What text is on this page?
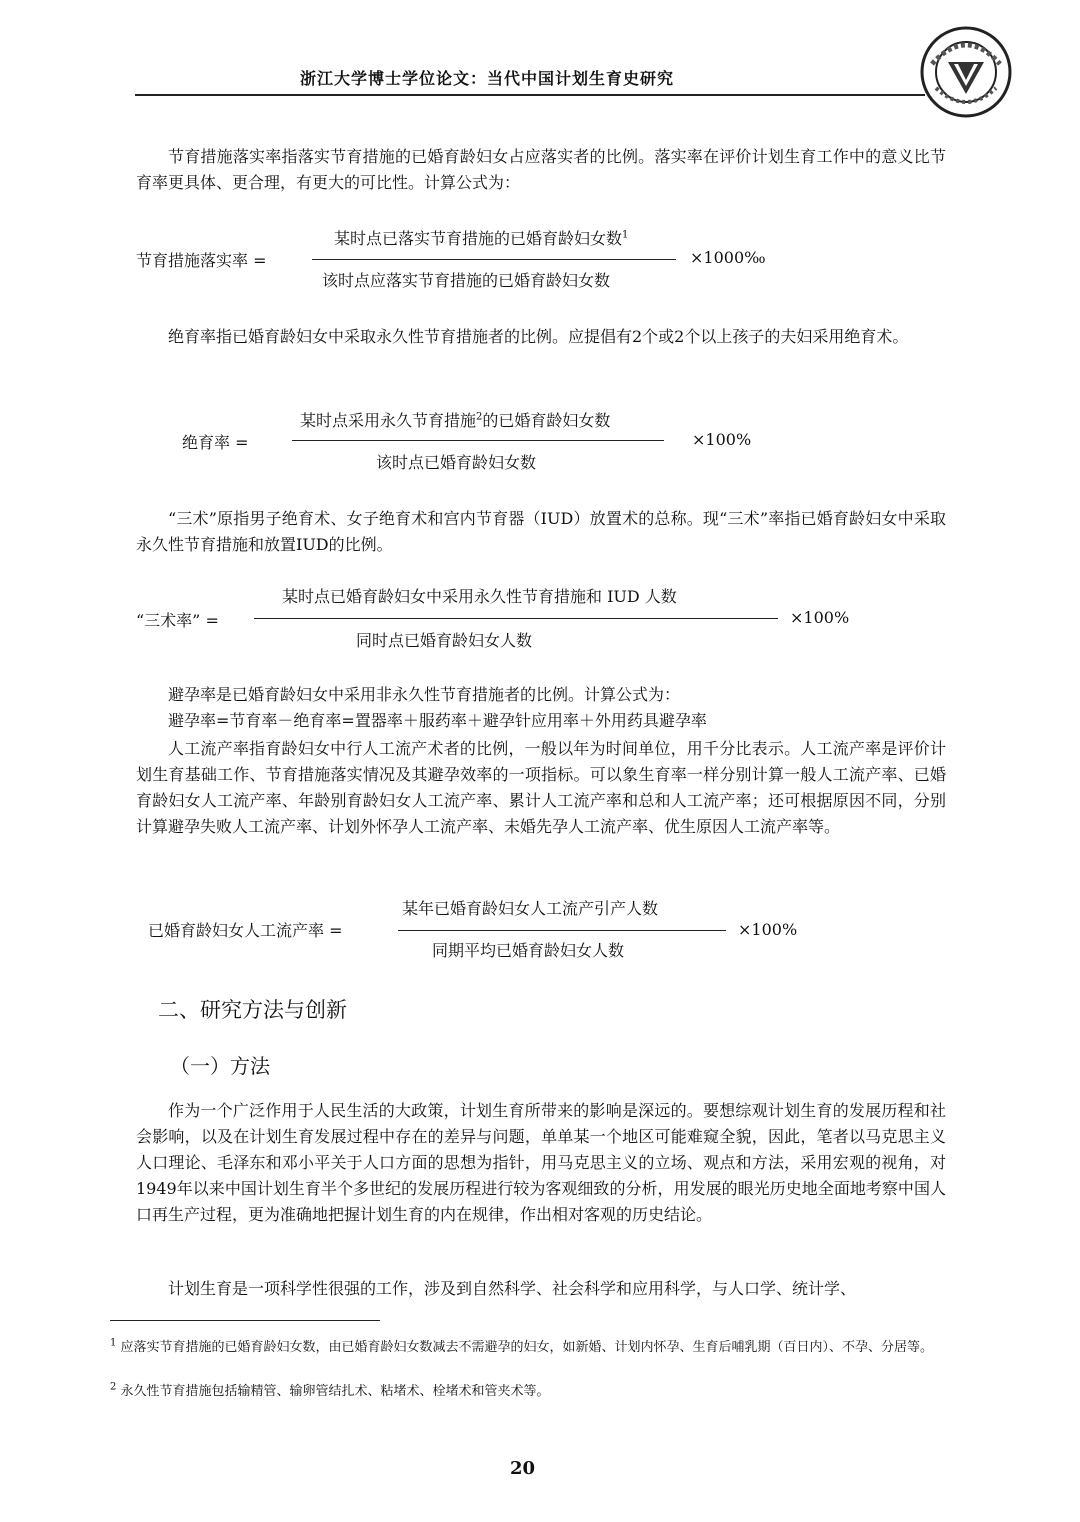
浙江大学博士学位论文：当代中国计划生育史研究

节育措施落实率指落实节育措施的已婚育龄妇女占应落实者的比例。落实率在评价计划生育工作中的意义比节育率更具体、更合理，有更大的可比性。计算公式为：

节育措施落实率 =
某时点已落实节育措施的已婚育龄妇女数$^1$
该时点应落实节育措施的已婚育龄妇女数
×1000‰

绝育率指已婚育龄妇女中采取永久性节育措施者的比例。应提倡有2个或2个以上孩子的夫妇采用绝育术。

绝育率 =
某时点采用永久节育措施$^2$的已婚育龄妇女数
该时点已婚育龄妇女数
×100%

“三术”原指男子绝育术、女子绝育术和宫内节育器（IUD）放置术的总称。现“三术”率指已婚育龄妇女中采取永久性节育措施和放置IUD的比例。

“三术率” =
某时点已婚育龄妇女中采用永久性节育措施和 IUD 人数
同时点已婚育龄妇女人数
×100%

避孕率是已婚育龄妇女中采用非永久性节育措施者的比例。计算公式为：

避孕率=节育率－绝育率=置器率＋服药率＋避孕针应用率＋外用药具避孕率

人工流产率指育龄妇女中行人工流产术者的比例，一般以年为时间单位，用千分比表示。人工流产率是评价计划生育基础工作、节育措施落实情况及其避孕效率的一项指标。可以象生育率一样分别计算一般人工流产率、已婚育龄妇女人工流产率、年龄别育龄妇女人工流产率、累计人工流产率和总和人工流产率；还可根据原因不同，分别计算避孕失败人工流产率、计划外怀孕人工流产率、未婚先孕人工流产率、优生原因人工流产率等。

已婚育龄妇女人工流产率 =
某年已婚育龄妇女人工流产引产人数
同期平均已婚育龄妇女人数
×100%
二、研究方法与创新
（一）方法

作为一个广泛作用于人民生活的大政策，计划生育所带来的影响是深远的。要想综观计划生育的发展历程和社会影响，以及在计划生育发展过程中存在的差异与问题，单单某一个地区可能难窥全貌，因此，笔者以马克思主义人口理论、毛泽东和邓小平关于人口方面的思想为指针，用马克思主义的立场、观点和方法，采用宏观的视角，对1949年以来中国计划生育半个多世纪的发展历程进行较为客观细致的分析，用发展的眼光历史地全面地考察中国人口再生产过程，更为准确地把握计划生育的内在规律，作出相对客观的历史结论。

计划生育是一项科学性很强的工作，涉及到自然科学、社会科学和应用科学，与人口学、统计学、

$^1$ 应落实节育措施的已婚育龄妇女数，由已婚育龄妇女数减去不需避孕的妇女，如新婚、计划内怀孕、生育后哺乳期（百日内）、不孕、分居等。
$^2$ 永久性节育措施包括输精管、输卵管结扎术、粘堵术、栓堵术和管夹术等。
20
